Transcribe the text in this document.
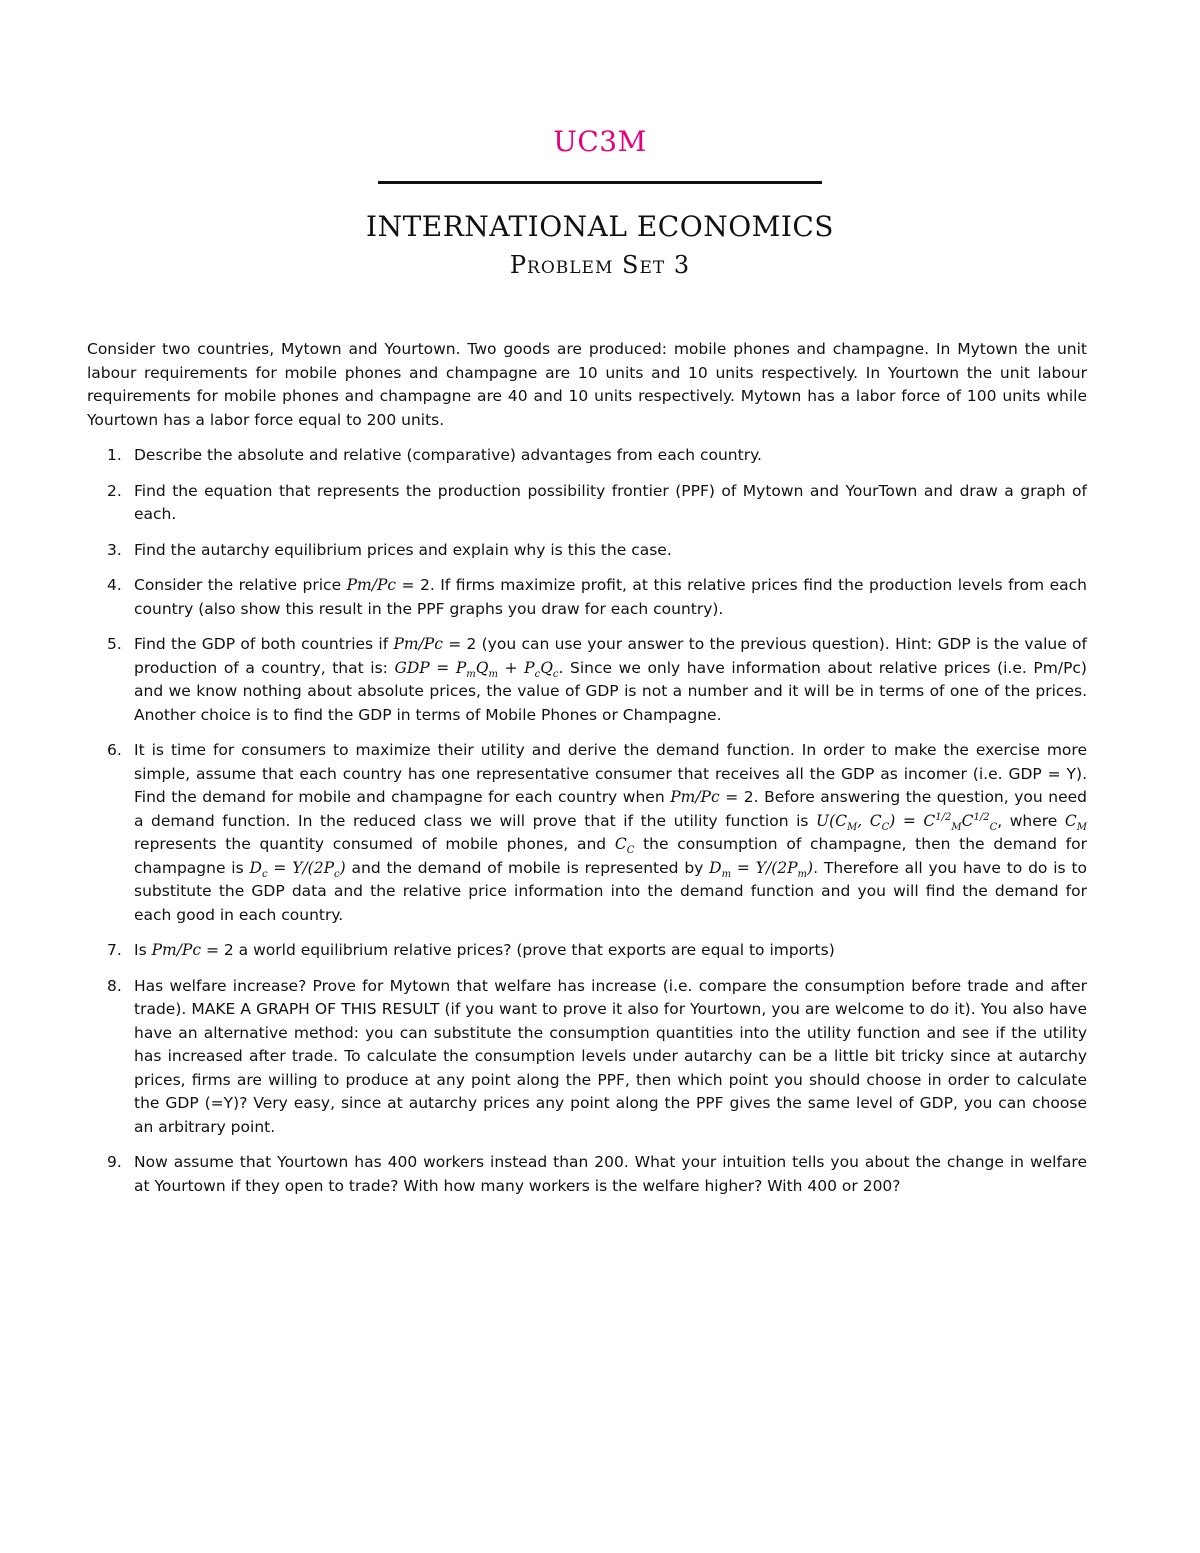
UC3M
INTERNATIONAL ECONOMICS
Problem Set 3

Consider two countries, Mytown and Yourtown. Two goods are produced: mobile phones and champagne. In Mytown the unit labour requirements for mobile phones and champagne are 10 units and 10 units respectively. In Yourtown the unit labour requirements for mobile phones and champagne are 40 and 10 units respectively. Mytown has a labor force of 100 units while Yourtown has a labor force equal to 200 units.

1. Describe the absolute and relative (comparative) advantages from each country.
2. Find the equation that represents the production possibility frontier (PPF) of Mytown and YourTown and draw a graph of each.
3. Find the autarchy equilibrium prices and explain why is this the case.
4. Consider the relative price Pm/Pc = 2. If firms maximize profit, at this relative prices find the production levels from each country (also show this result in the PPF graphs you draw for each country).
5. Find the GDP of both countries if Pm/Pc = 2 (you can use your answer to the previous question). Hint: GDP is the value of production of a country, that is: GDP = $P_mQ_m + P_cQ_c$. Since we only have information about relative prices (i.e. Pm/Pc) and we know nothing about absolute prices, the value of GDP is not a number and it will be in terms of one of the prices. Another choice is to find the GDP in terms of Mobile Phones or Champagne.
6. It is time for consumers to maximize their utility and derive the demand function. In order to make the exercise more simple, assume that each country has one representative consumer that receives all the GDP as incomer (i.e. GDP = Y). Find the demand for mobile and champagne for each country when Pm/Pc = 2. Before answering the question, you need a demand function. In the reduced class we will prove that if the utility function is $U(C_M$, $C_C) = C^{1/2}_MC^{1/2}_C$, where $C_M$ represents the quantity consumed of mobile phones, and $C_C$ the consumption of champagne, then the demand for champagne is $D_c = Y/(2P_c)$ and the demand of mobile is represented by $D_m = Y/(2P_m)$. Therefore all you have to do is to substitute the GDP data and the relative price information into the demand function and you will find the demand for each good in each country.
7. Is Pm/Pc = 2 a world equilibrium relative prices? (prove that exports are equal to imports)
8. Has welfare increase? Prove for Mytown that welfare has increase (i.e. compare the consumption before trade and after trade). MAKE A GRAPH OF THIS RESULT (if you want to prove it also for Yourtown, you are welcome to do it). You also have have an alternative method: you can substitute the consumption quantities into the utility function and see if the utility has increased after trade. To calculate the consumption levels under autarchy can be a little bit tricky since at autarchy prices, firms are willing to produce at any point along the PPF, then which point you should choose in order to calculate the GDP (=Y)? Very easy, since at autarchy prices any point along the PPF gives the same level of GDP, you can choose an arbitrary point.
9. Now assume that Yourtown has 400 workers instead than 200. What your intuition tells you about the change in welfare at Yourtown if they open to trade? With how many workers is the welfare higher? With 400 or 200?
